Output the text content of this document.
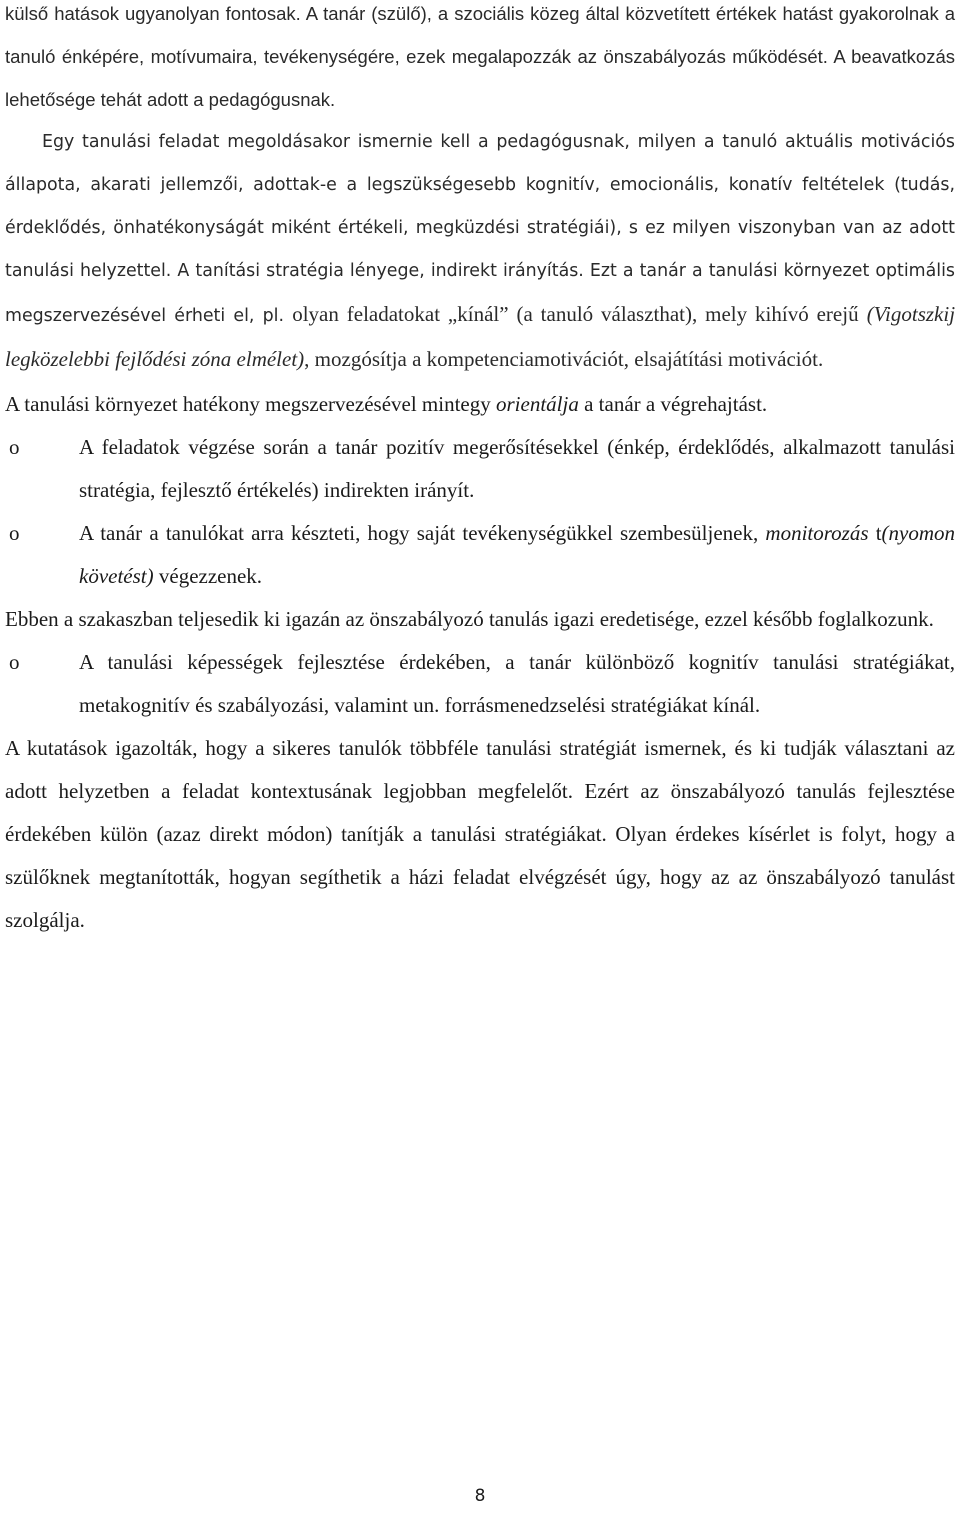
külső hatások ugyanolyan fontosak. A tanár (szülő), a szociális közeg által közvetített értékek hatást gyakorolnak a tanuló énképére, motívumaira, tevékenységére, ezek megalapozzák az önszabályozás működését. A beavatkozás lehetősége tehát adott a pedagógusnak.

Egy tanulási feladat megoldásakor ismernie kell a pedagógusnak, milyen a tanuló aktuális motivációs állapota, akarati jellemzői, adottak-e a legszükségesebb kognitív, emocionális, konatív feltételek (tudás, érdeklődés, önhatékonyságát miként értékeli, megküzdési stratégiái), s ez milyen viszonyban van az adott tanulási helyzettel. A tanítási stratégia lényege, indirekt irányítás. Ezt a tanár a tanulási környezet optimális megszervezésével érheti el, pl. olyan feladatokat „kínál” (a tanuló választhat), mely kihívó erejű (Vigotszkij legközelebbi fejlődési zóna elmélet), mozgósítja a kompetenciamotivációt, elsajátítási motivációt.

A tanulási környezet hatékony megszervezésével mintegy orientálja a tanár a végrehajtást.

o	A feladatok végzése során a tanár pozitív megerősítésekkel (énkép, érdeklődés, alkalmazott tanulási stratégia, fejlesztő értékelés) indirekten irányít.
o	A tanár a tanulókat arra készteti, hogy saját tevékenységükkel szembesüljenek, monitorozás t(nyomon követést) végezzenek.

Ebben a szakaszban teljesedik ki igazán az önszabályozó tanulás igazi eredetisége, ezzel később foglalkozunk.

o	A tanulási képességek fejlesztése érdekében, a tanár különböző kognitív tanulási stratégiákat, metakognitív és szabályozási, valamint un. forrásmenedzselési stratégiákat kínál.

A kutatások igazolták, hogy a sikeres tanulók többféle tanulási stratégiát ismernek, és ki tudják választani az adott helyzetben a feladat kontextusának legjobban megfelelőt. Ezért az önszabályozó tanulás fejlesztése érdekében külön (azaz direkt módon) tanítják a tanulási stratégiákat. Olyan érdekes kísérlet is folyt, hogy a szülőknek megtanították, hogyan segíthetik a házi feladat elvégzését úgy, hogy az az önszabályozó tanulást szolgálja.

8
